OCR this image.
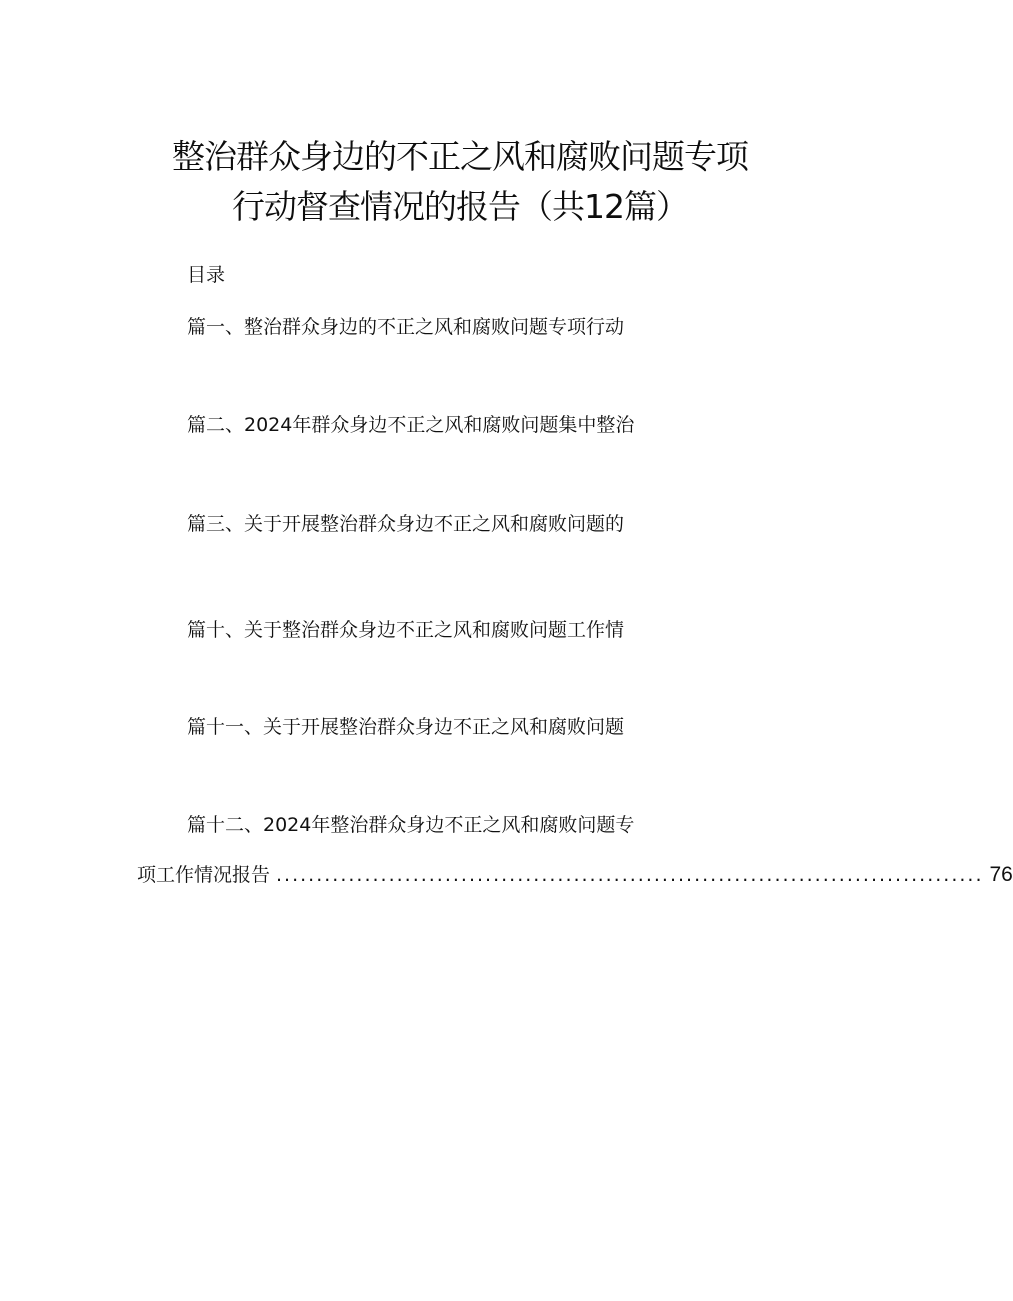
整治群众身边的不正之风和腐败问题专项
行动督查情况的报告（共12篇）
目录
篇一、整治群众身边的不正之风和腐败问题专项行动
篇二、2024年群众身边不正之风和腐败问题集中整治
篇三、关于开展整治群众身边不正之风和腐败问题的
篇十、关于整治群众身边不正之风和腐败问题工作情
篇十一、关于开展整治群众身边不正之风和腐败问题
篇十二、2024年整治群众身边不正之风和腐败问题专
项工作情况报告 ........................................................................................ 76
